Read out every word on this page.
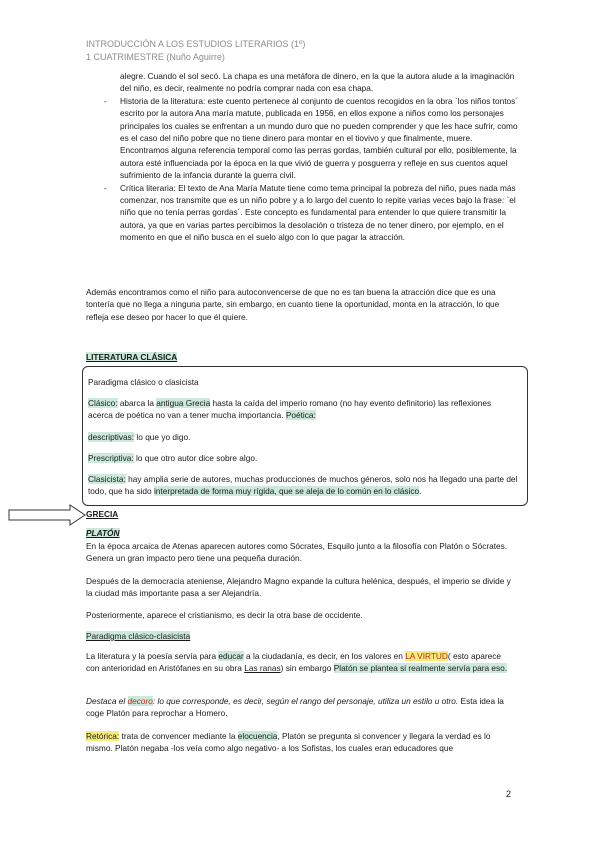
INTRODUCCIÓN A LOS ESTUDIOS LITERARIOS (1º)
1 CUATRIMESTRE (Nuño Aguirre)
alegre. Cuando el sol secó. La chapa es una metáfora de dinero, en la que la autora alude a la imaginación del niño, es decir, realmente no podría comprar nada con esa chapa.
- Historia de la literatura: este cuento pertenece al conjunto de cuentos recogidos en la obra `los niños tontos´ escrito por la autora Ana maría matute, publicada en 1956, en ellos expone a niños como los personajes principales los cuales se enfrentan a un mundo duro que no pueden comprender y que les hace sufrir, como es el caso del niño pobre que no tiene dinero para montar en el tiovivo y que finalmente, muere. Encontramos alguna referencia temporal como las perras gordas, también cultural por ello, posiblemente, la autora esté influenciada por la época en la que vivió de guerra y posguerra y refleje en sus cuentos aquel sufrimiento de la infancia durante la guerra civil.
- Crítica literaria: El texto de Ana María Matute tiene como tema principal la pobreza del niño, pues nada más comenzar, nos transmite que es un niño pobre y a lo largo del cuento lo repite varias veces bajo la frase: `el niño que no tenía perras gordas´. Este concepto es fundamental para entender lo que quiere transmitir la autora, ya que en varias partes percibimos la desolación o tristeza de no tener dinero, por ejemplo, en el momento en que el niño busca en el suelo algo con lo que pagar la atracción.
Además encontramos como el niño para autoconvencerse de que no es tan buena la atracción dice que es una tontería que no llega a ninguna parte, sin embargo, en cuanto tiene la oportunidad, monta en la atracción, lo que refleja ese deseo por hacer lo que él quiere.
LITERATURA CLÁSICA
Paradigma clásico o clasicista
Clásico: abarca la antigua Grecia hasta la caída del imperio romano (no hay evento definitorio) las reflexiones acerca de poética no van a tener mucha importancia. Poética:
descriptivas: lo que yo digo.
Prescriptiva: lo que otro autor dice sobre algo.
Clasicista: hay amplia serie de autores, muchas producciones de muchos géneros, solo nos ha llegado una parte del todo, que ha sido interpretada de forma muy rígida, que se aleja de lo común en lo clásico.
GRECIA
PLATÓN
En la época arcaica de Atenas aparecen autores como Sócrates, Esquilo junto a la filosofía con Platón o Sócrates. Genera un gran impacto pero tiene una pequeña duración.
Después de la democracia ateniense, Alejandro Magno expande la cultura helénica, después, el imperio se divide y la ciudad más importante pasa a ser Alejandría.
Posteriormente, aparece el cristianismo, es decir la otra base de occidente.
Paradigma clásico-clasicista
La literatura y la poesía servía para educar a la ciudadanía, es decir, en los valores en LA VIRTUD( esto aparece con anterioridad en Aristófanes en su obra Las ranas) sin embargo Platón se plantea si realmente servía para eso.
Destaca el decoro: lo que corresponde, es decir, según el rango del personaje, utiliza un estilo u otro. Esta idea la coge Platón para reprochar a Homero.
Retórica: trata de convencer mediante la elocuencia, Platón se pregunta si convencer y llegara la verdad es lo mismo. Platón negaba -los veía como algo negativo- a los Sofistas, los cuales eran educadores que
2
